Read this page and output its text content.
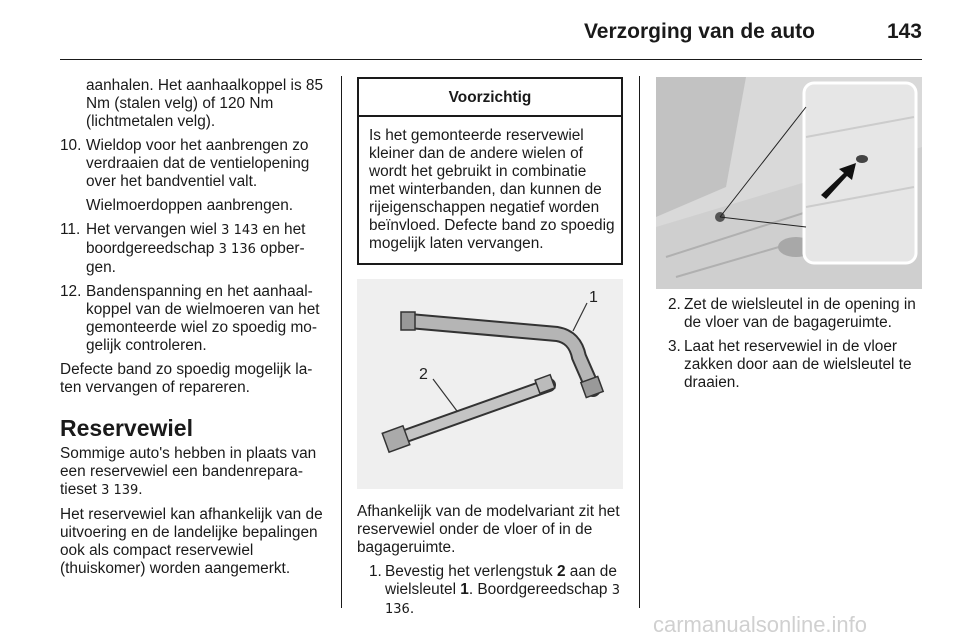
Verzorging van de auto	143

aanhalen. Het aanhaalkoppel is 85 Nm (stalen velg) of 120 Nm (lichtmetalen velg).

10. Wieldop voor het aanbrengen zo verdraaien dat de ventielopening over het bandventiel valt.

Wielmoerdoppen aanbrengen.

11. Het vervangen wiel 3 143 en het boordgereedschap 3 136 opbergen.
12. Bandenspanning en het aanhaalkoppel van de wielmoeren van het gemonteerde wiel zo spoedig mogelijk controleren.

Defecte band zo spoedig mogelijk laten vervangen of repareren.

Reservewiel

Sommige auto's hebben in plaats van een reservewiel een bandenreparatieset 3 139.

Het reservewiel kan afhankelijk van de uitvoering en de landelijke bepalingen ook als compact reservewiel (thuiskomer) worden aangemerkt.

Voorzichtig
Is het gemonteerde reservewiel kleiner dan de andere wielen of wordt het gebruikt in combinatie met winterbanden, dan kunnen de rijeigenschappen negatief worden beïnvloed. Defecte band zo spoedig mogelijk laten vervangen.
1
2

Afhankelijk van de modelvariant zit het reservewiel onder de vloer of in de bagageruimte.

1. Bevestig het verlengstuk 2 aan de wielsleutel 1. Boordgereedschap 3 136.
2. Zet de wielsleutel in de opening in de vloer van de bagageruimte.
3. Laat het reservewiel in de vloer zakken door aan de wielsleutel te draaien.
carmanualsonline.info
